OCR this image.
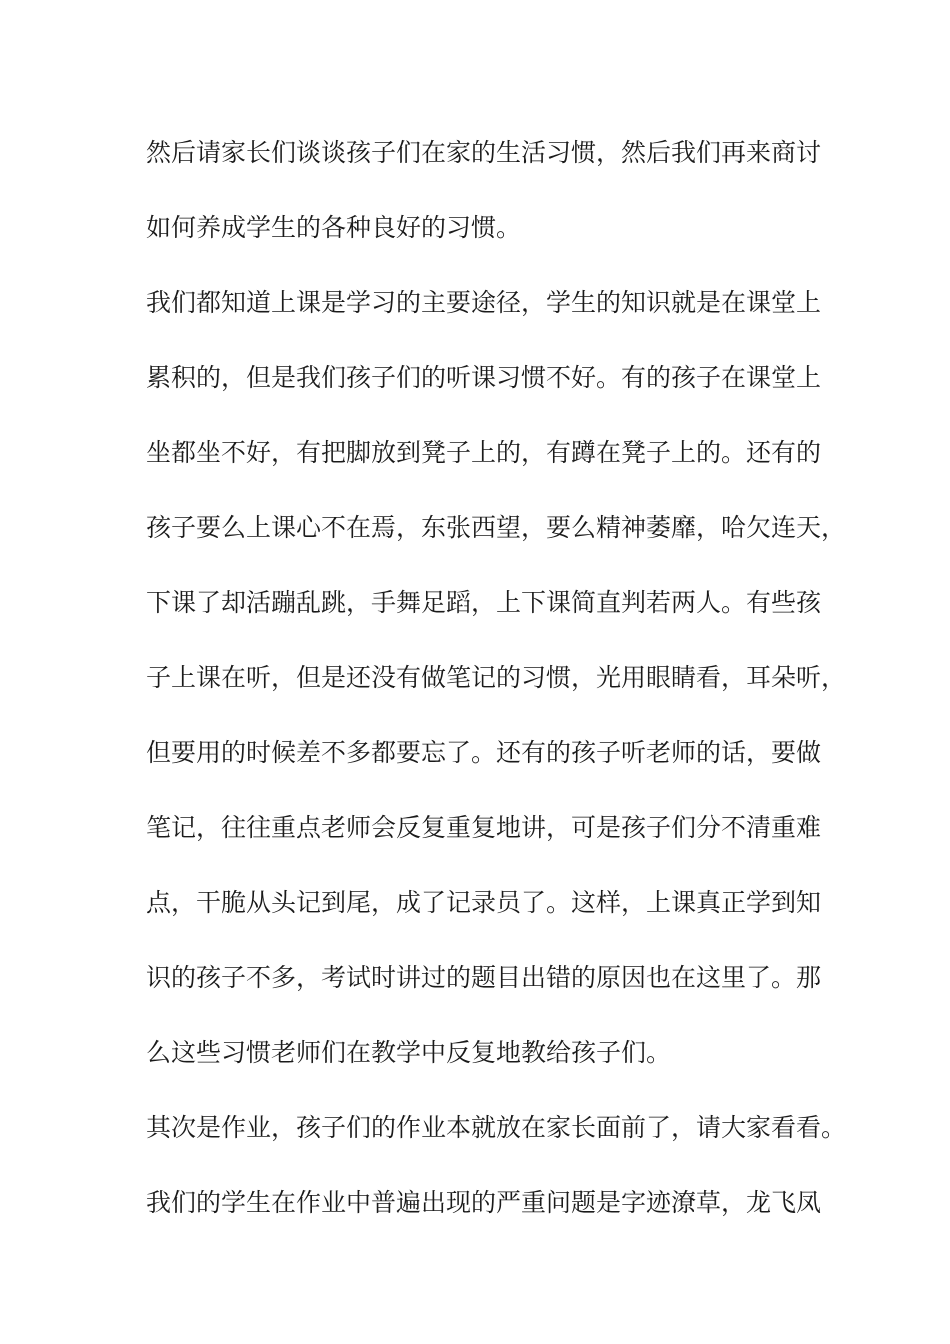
然后请家长们谈谈孩子们在家的生活习惯，然后我们再来商讨
如何养成学生的各种良好的习惯。
我们都知道上课是学习的主要途径，学生的知识就是在课堂上
累积的，但是我们孩子们的听课习惯不好。有的孩子在课堂上
坐都坐不好，有把脚放到凳子上的，有蹲在凳子上的。还有的
孩子要么上课心不在焉，东张西望，要么精神萎靡，哈欠连天，
下课了却活蹦乱跳，手舞足蹈，上下课简直判若两人。有些孩
子上课在听，但是还没有做笔记的习惯，光用眼睛看，耳朵听，
但要用的时候差不多都要忘了。还有的孩子听老师的话，要做
笔记，往往重点老师会反复重复地讲，可是孩子们分不清重难
点，干脆从头记到尾，成了记录员了。这样，上课真正学到知
识的孩子不多，考试时讲过的题目出错的原因也在这里了。那
么这些习惯老师们在教学中反复地教给孩子们。
其次是作业，孩子们的作业本就放在家长面前了，请大家看看。
我们的学生在作业中普遍出现的严重问题是字迹潦草，龙飞凤
